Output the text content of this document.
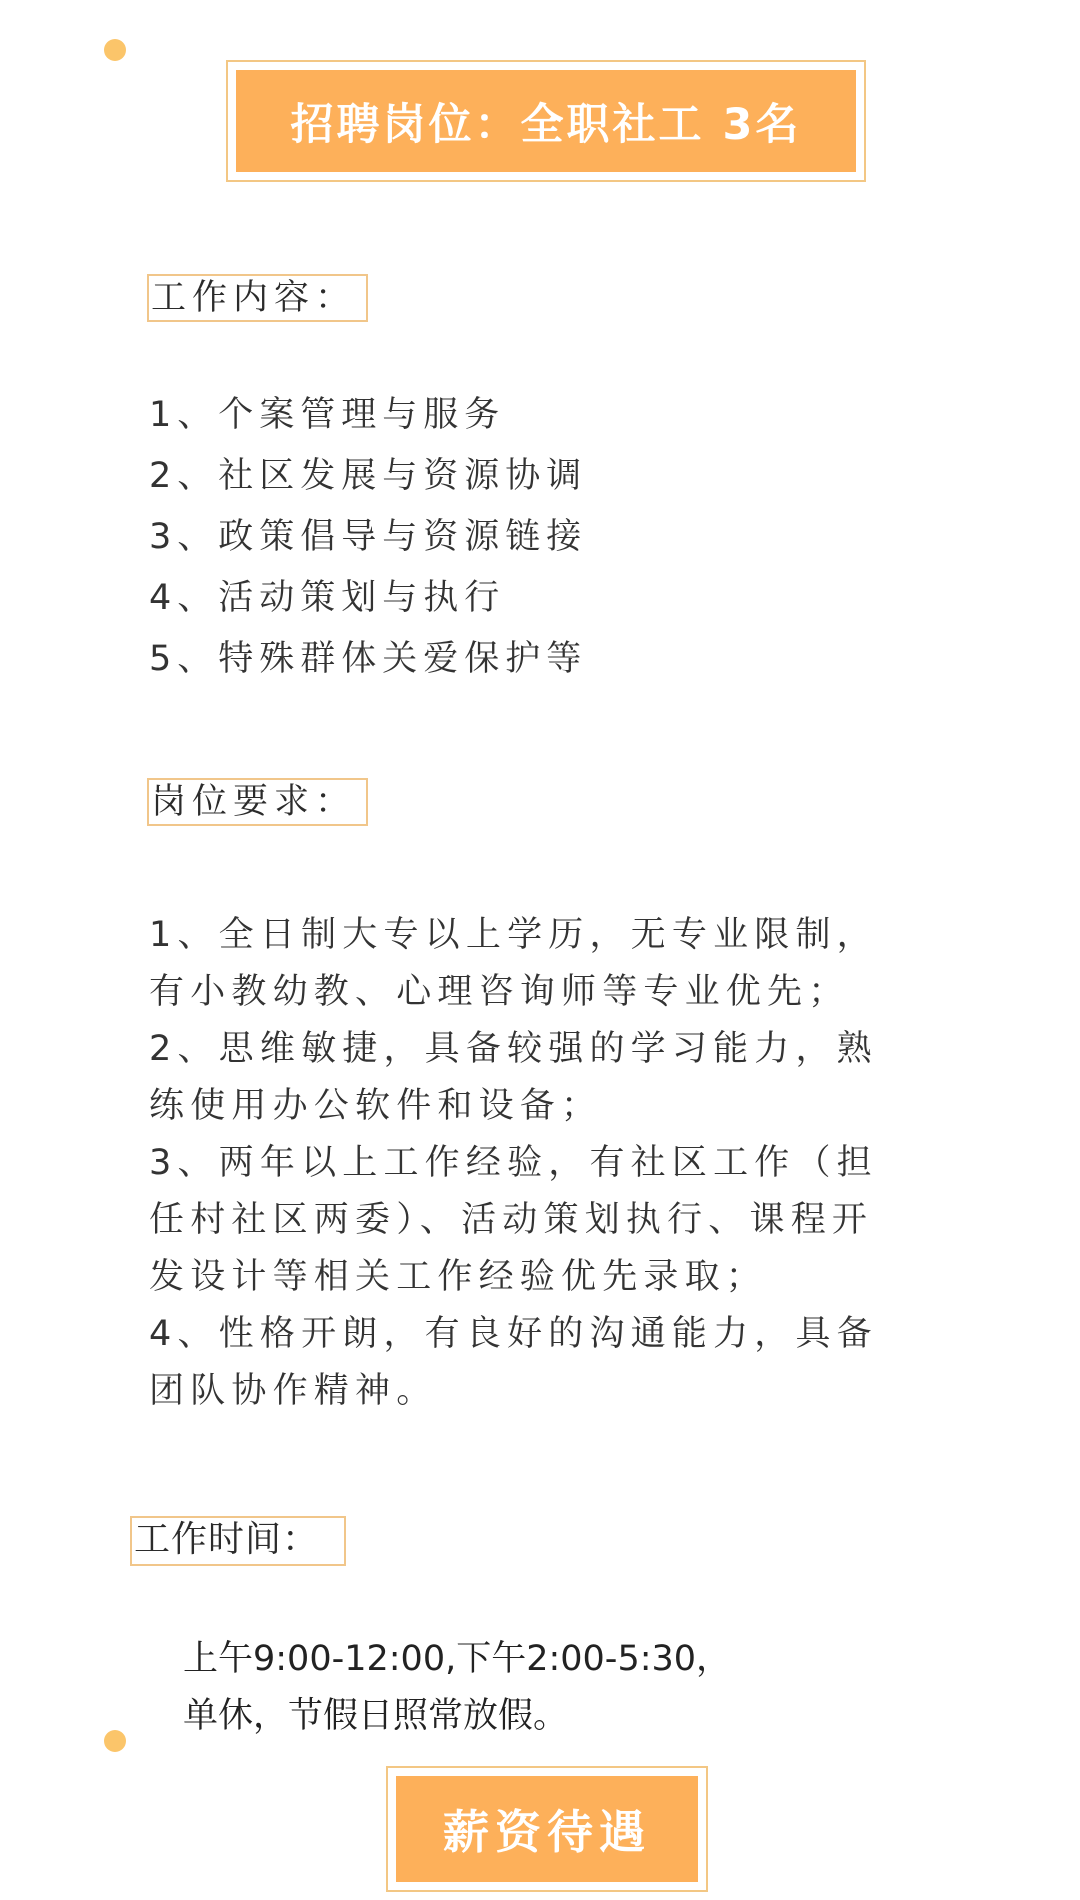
招聘岗位：全职社工 3名
工作内容：
1、个案管理与服务
2、社区发展与资源协调
3、政策倡导与资源链接
4、活动策划与执行
5、特殊群体关爱保护等
岗位要求：
1、全日制大专以上学历，无专业限制，
有小教幼教、心理咨询师等专业优先；
2、思维敏捷，具备较强的学习能力，熟
练使用办公软件和设备；
3、两年以上工作经验，有社区工作（担
任村社区两委）、活动策划执行、课程开
发设计等相关工作经验优先录取；
4、性格开朗，有良好的沟通能力，具备
团队协作精神。
工作时间：
上午9:00-12:00,下午2:00-5:30，
单休，节假日照常放假。
薪资待遇
